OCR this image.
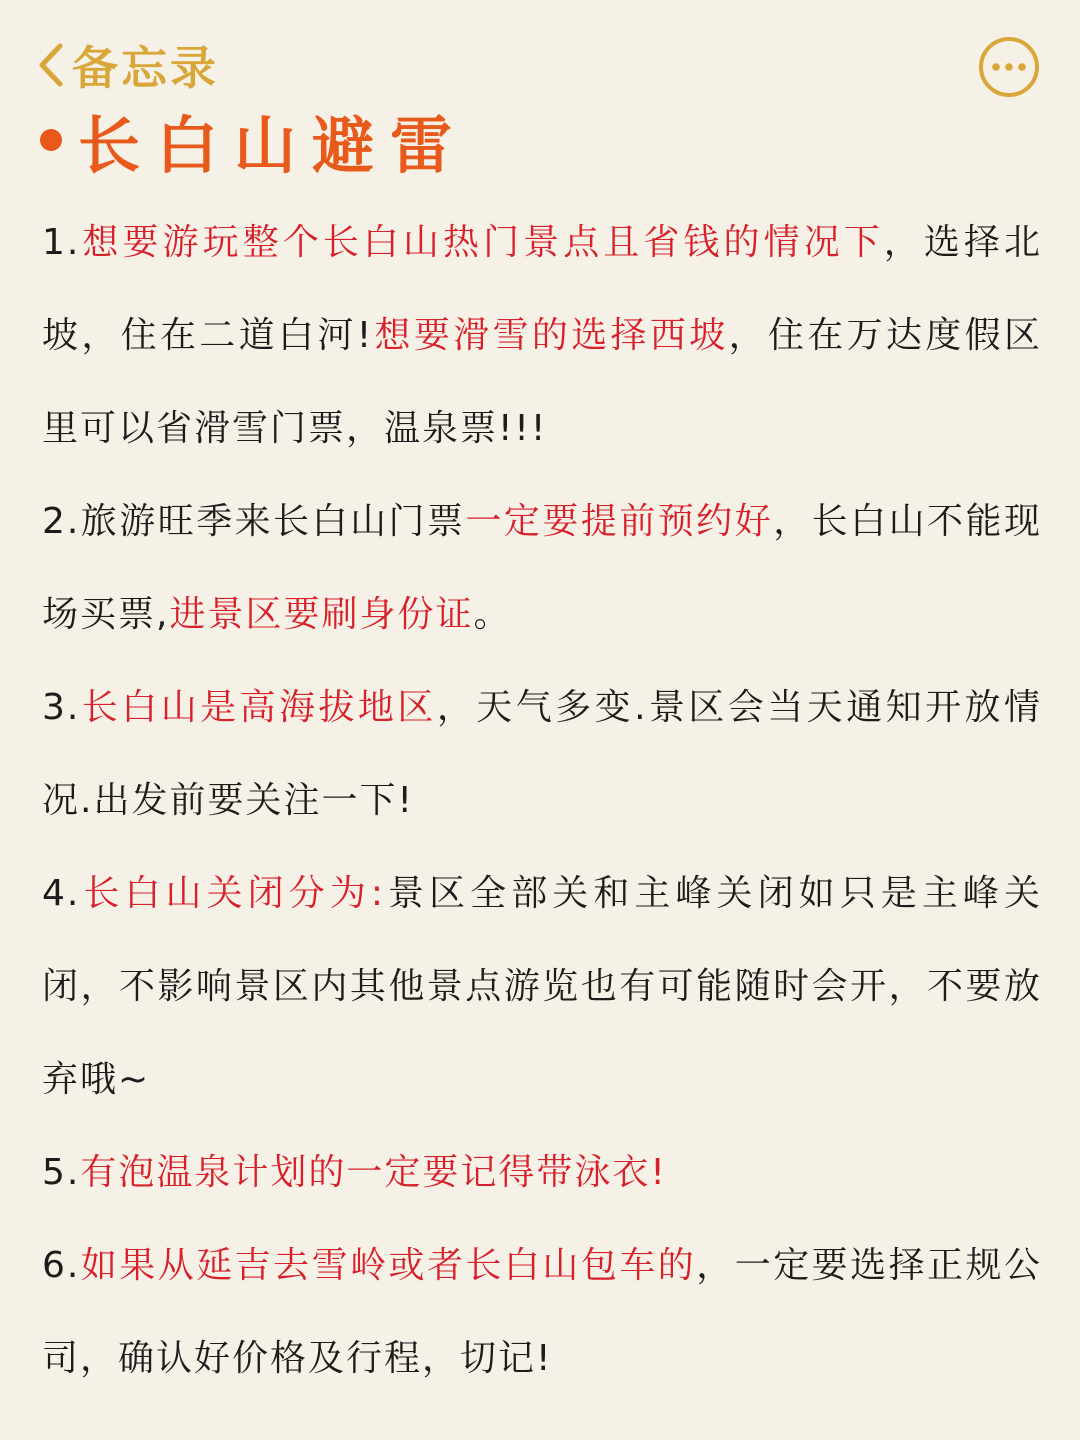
备忘录
长白山避雷

1.想要游玩整个长白山热门景点且省钱的情况下，选择北坡，住在二道白河!想要滑雪的选择西坡，住在万达度假区里可以省滑雪门票，温泉票!!!

2.旅游旺季来长白山门票一定要提前预约好，长白山不能现场买票,进景区要刷身份证。

3.长白山是高海拔地区，天气多变.景区会当天通知开放情况.出发前要关注一下!

4.长白山关闭分为:景区全部关和主峰关闭如只是主峰关闭，不影响景区内其他景点游览也有可能随时会开，不要放弃哦~

5.有泡温泉计划的一定要记得带泳衣!

6.如果从延吉去雪岭或者长白山包车的，一定要选择正规公司，确认好价格及行程，切记!
